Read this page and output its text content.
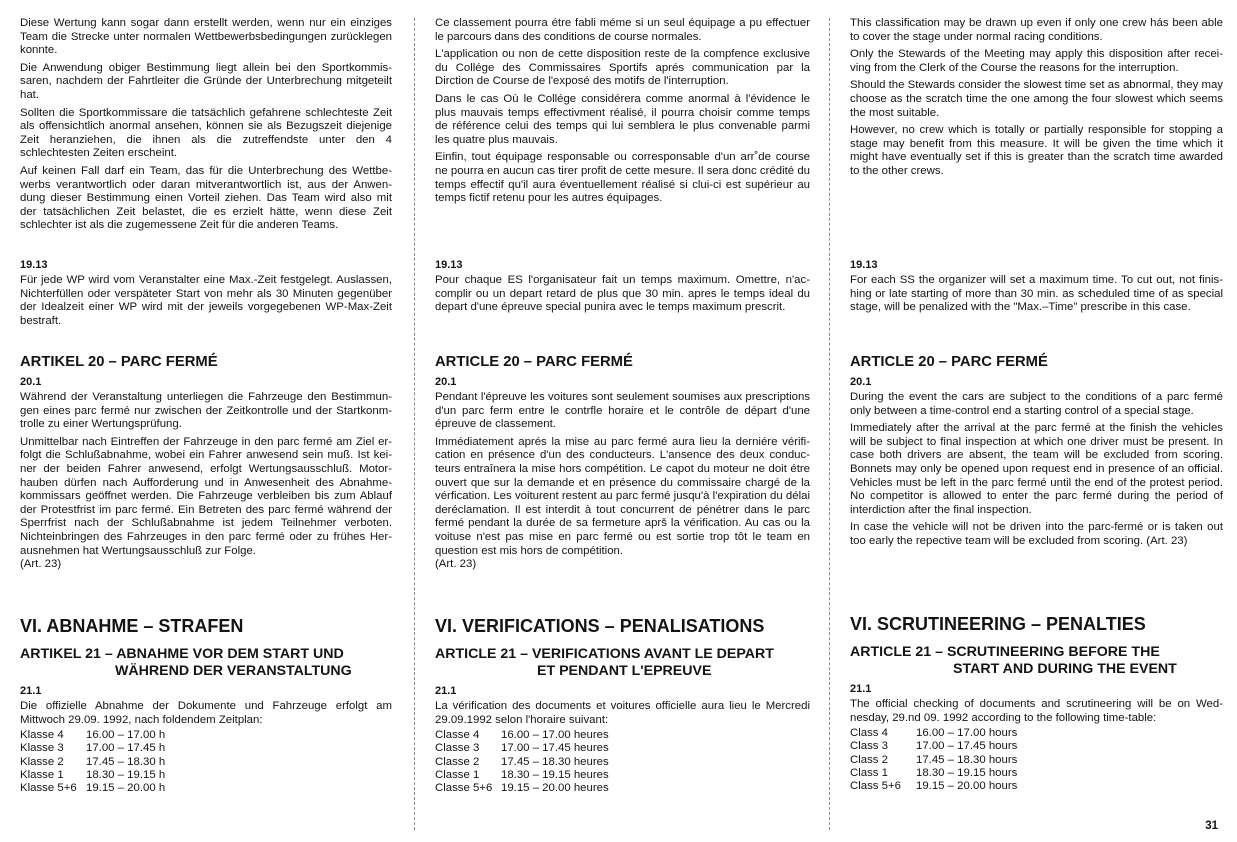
Diese Wertung kann sogar dann erstellt werden, wenn nur ein einziges Team die Strecke unter normalen Wettbewerbsbedingungen zurücklegen konnte.

Die Anwendung obiger Bestimmung liegt allein bei den Sportkommissaren, nachdem der Fahrtleiter die Gründe der Unterbrechung mitgeteilt hat.

Sollten die Sportkommissare die tatsächlich gefahrene schlechteste Zeit als offensichtlich anormal ansehen, können sie als Bezugszeit diejenige Zeit heranziehen, die ihnen als die zutreffendste unter den 4 schlechtesten Zeiten erscheint.

Auf keinen Fall darf ein Team, das für die Unterbrechung des Wettbewerbs verantwortlich oder daran mitverantwortlich ist, aus der Anwendung dieser Bestimmung einen Vorteil ziehen. Das Team wird also mit der tatsächlichen Zeit belastet, die es erzielt hätte, wenn diese Zeit schlechter ist als die zugemessene Zeit für die anderen Teams.

19.13

Für jede WP wird vom Veranstalter eine Max.-Zeit festgelegt. Auslassen, Nichterfüllen oder verspäteter Start von mehr als 30 Minuten gegenüber der Idealzeit einer WP wird mit der jeweils vorgegebenen WP-Max-Zeit bestraft.

ARTIKEL 20 – PARC FERMÉ
20.1

Während der Veranstaltung unterliegen die Fahrzeuge den Bestimmungen eines parc fermé nur zwischen der Zeitkontrolle und der Startkonmtrolle zu einer Wertungsprüfung.

Unmittelbar nach Eintreffen der Fahrzeuge in den parc fermé am Ziel erfolgt die Schlußabnahme, wobei ein Fahrer anwesend sein muß. Ist keiner der beiden Fahrer anwesend, erfolgt Wertungsausschluß. Motorhauben dürfen nach Aufforderung und in Anwesenheit des Abnahmekommissars geöffnet werden. Die Fahrzeuge verbleiben bis zum Ablauf der Protestfrist im parc fermé. Ein Betreten des parc fermé während der Sperrfrist nach der Schlußabnahme ist jedem Teilnehmer verboten. Nichteinbringen des Fahrzeuges in den parc fermé oder zu frühes Herausnehmen hat Wertungsausschluß zur Folge.

(Art. 23)

VI. ABNAHME – STRAFEN
ARTIKEL 21 – ABNAHME VOR DEM START UND
WÄHREND DER VERANSTALTUNG
21.1

Die offizielle Abnahme der Dokumente und Fahrzeuge erfolgt am Mittwoch 29.09. 1992, nach foldendem Zeitplan:

Klasse 4	16.00 – 17.00 h
Klasse 3	17.00 – 17.45 h
Klasse 2	17.45 – 18.30 h
Klasse 1	18.30 – 19.15 h
Klasse 5+6 19.15 – 20.00 h

Ce classement pourra étre fabli méme si un seul équipage a pu effectuer le parcours dans des conditions de course normales.

L'application ou non de cette disposition reste de la compfence exclusive du Collége des Commissaires Sportifs aprés communication par la Dirction de Course de l'exposé des motifs de l'interruption.

Dans le cas Où le Collége considérera comme anormal à l'évidence le plus mauvais temps effectivment réalisé, il pourra choisir comme temps de référence celui des temps qui lui semblera le plus convenable parmi les quatre plus mauvais.

Einfin, tout équipage responsable ou corresponsable d'un arr˚de course ne pourra en aucun cas tirer profit de cette mesure. Il sera donc crédité du temps effectif qu'il aura éventuellement réalisé si clui-ci est supérieur au temps fictif retenu pour les autres équipages.

19.13

Pour chaque ES l'organisateur fait un temps maximum. Omettre, n'accomplir ou un depart retard de plus que 30 min. apres le temps ideal du depart d'une épreuve special punira avec le temps maximum prescrit.

ARTICLE 20 – PARC FERMÉ
20.1

Pendant l'épreuve les voitures sont seulement soumises aux prescriptions d'un parc ferm entre le contrfle horaire et le contrôle de départ d'une épreuve de classement.

Immédiatement aprés la mise au parc fermé aura lieu la derniére vérification en présence d'un des conducteurs. L'ansence des deux conducteurs entraînera la mise hors compétition. Le capot du moteur ne doit étre ouvert que sur la demande et en présence du commissaire chargé de la vérfication. Les voiturent restent au parc fermé jusqu'à l'expiration du délai deréclamation. Il est interdit à tout concurrent de pénétrer dans le parc fermé pendant la durée de sa fermeture aprš la vérification. Au cas ou la voituse n'est pas mise en parc fermé ou est sortie trop tôt le team en question est mis hors de compétition.

(Art. 23)

VI. VERIFICATIONS – PENALISATIONS
ARTICLE 21 – VERIFICATIONS AVANT LE DEPART
ET PENDANT L'EPREUVE
21.1

La vérification des documents et voitures officielle aura lieu le Mercredi 29.09.1992 selon l'horaire suivant:

Classe 4	16.00 – 17.00 heures
Classe 3	17.00 – 17.45 heures
Classe 2	17.45 – 18.30 heures
Classe 1	18.30 – 19.15 heures
Classe 5+6 19.15 – 20.00 heures

This classification may be drawn up even if only one crew hás been able to cover the stage under normal racing conditions.

Only the Stewards of the Meeting may apply this disposition after receiving from the Clerk of the Course the reasons for the interruption.

Should the Stewards consider the slowest time set as abnormal, they may choose as the scratch time the one among the four slowest which seems the most suitable.

However, no crew which is totally or partially responsible for stopping a stage may benefit from this measure. It will be given the time which it might have eventually set if this is greater than the scratch time awarded to the other crews.

19.13

For each SS the organizer will set a maximum time. To cut out, not finishing or late starting of more than 30 min. as scheduled time of as special stage, will be penalized with the "Max.–Time" prescribe in this case.

ARTICLE 20 – PARC FERMÉ
20.1

During the event the cars are subject to the conditions of a parc fermé only between a time-control end a starting control of a special stage.

Immediately after the arrival at the parc fermé at the finish the vehicles will be subject to final inspection at which one driver must be present. In case both drivers are absent, the team will be excluded from scoring. Bonnets may only be opened upon request end in presence of an official. Vehicles must be left in the parc fermé until the end of the protest period. No competitor is allowed to enter the parc fermé during the period of interdiction after the final inspection.

In case the vehicle will not be driven into the parc-fermé or is taken out too early the repective team will be excluded from scoring. (Art. 23)

VI. SCRUTINEERING – PENALTIES
ARTICLE 21 – SCRUTINEERING BEFORE THE
START AND DURING THE EVENT
21.1

The official checking of documents and scrutineering will be on Wednesday, 29.nd 09. 1992 according to the following time-table:

Class 4	16.00 – 17.00 hours
Class 3	17.00 – 17.45 hours
Class 2	17.45 – 18.30 hours
Class 1	18.30 – 19.15 hours
Class 5+6	19.15 – 20.00 hours
31
